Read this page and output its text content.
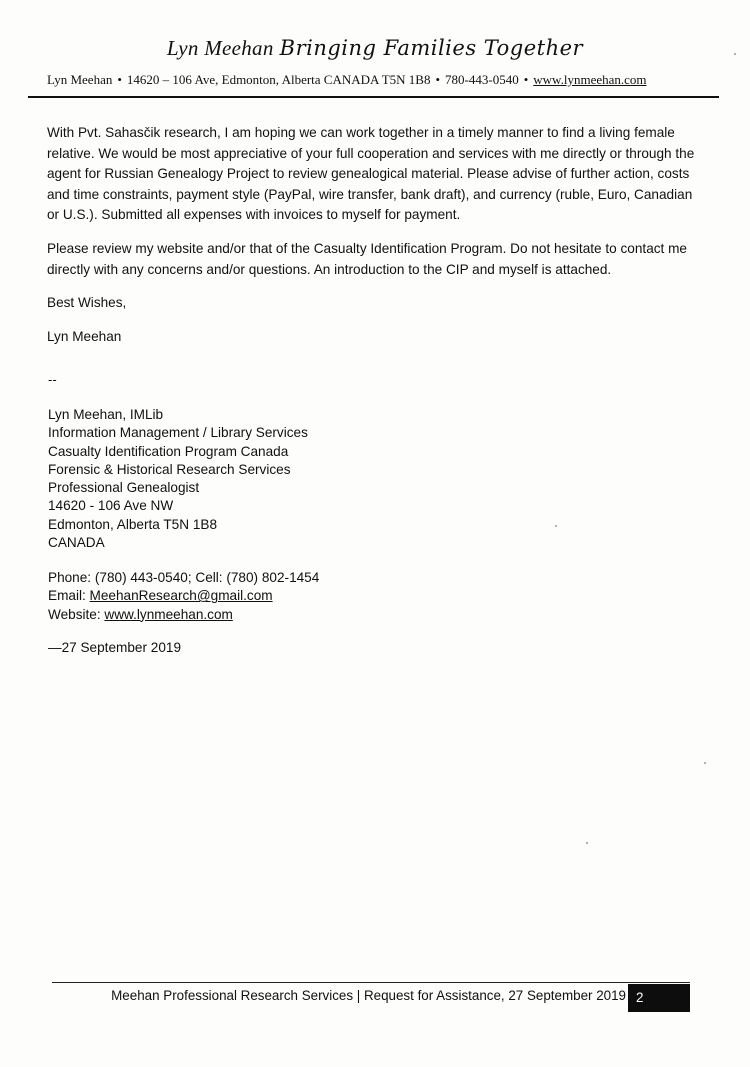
Lyn Meehan Bringing Families Together
Lyn Meehan • 14620 – 106 Ave, Edmonton, Alberta CANADA T5N 1B8 • 780-443-0540 • www.lynmeehan.com

With Pvt. Sahasčik research, I am hoping we can work together in a timely manner to find a living female relative. We would be most appreciative of your full cooperation and services with me directly or through the agent for Russian Genealogy Project to review genealogical material. Please advise of further action, costs and time constraints, payment style (PayPal, wire transfer, bank draft), and currency (ruble, Euro, Canadian or U.S.). Submitted all expenses with invoices to myself for payment.

Please review my website and/or that of the Casualty Identification Program. Do not hesitate to contact me directly with any concerns and/or questions. An introduction to the CIP and myself is attached.

Best Wishes,

Lyn Meehan

--
Lyn Meehan, IMLib
Information Management / Library Services
Casualty Identification Program Canada
Forensic & Historical Research Services
Professional Genealogist
14620 - 106 Ave NW
Edmonton, Alberta T5N 1B8
CANADA
Phone: (780) 443-0540; Cell: (780) 802-1454
Email: MeehanResearch@gmail.com
Website: www.lynmeehan.com
—27 September 2019
Meehan Professional Research Services | Request for Assistance, 27 September 2019 2
